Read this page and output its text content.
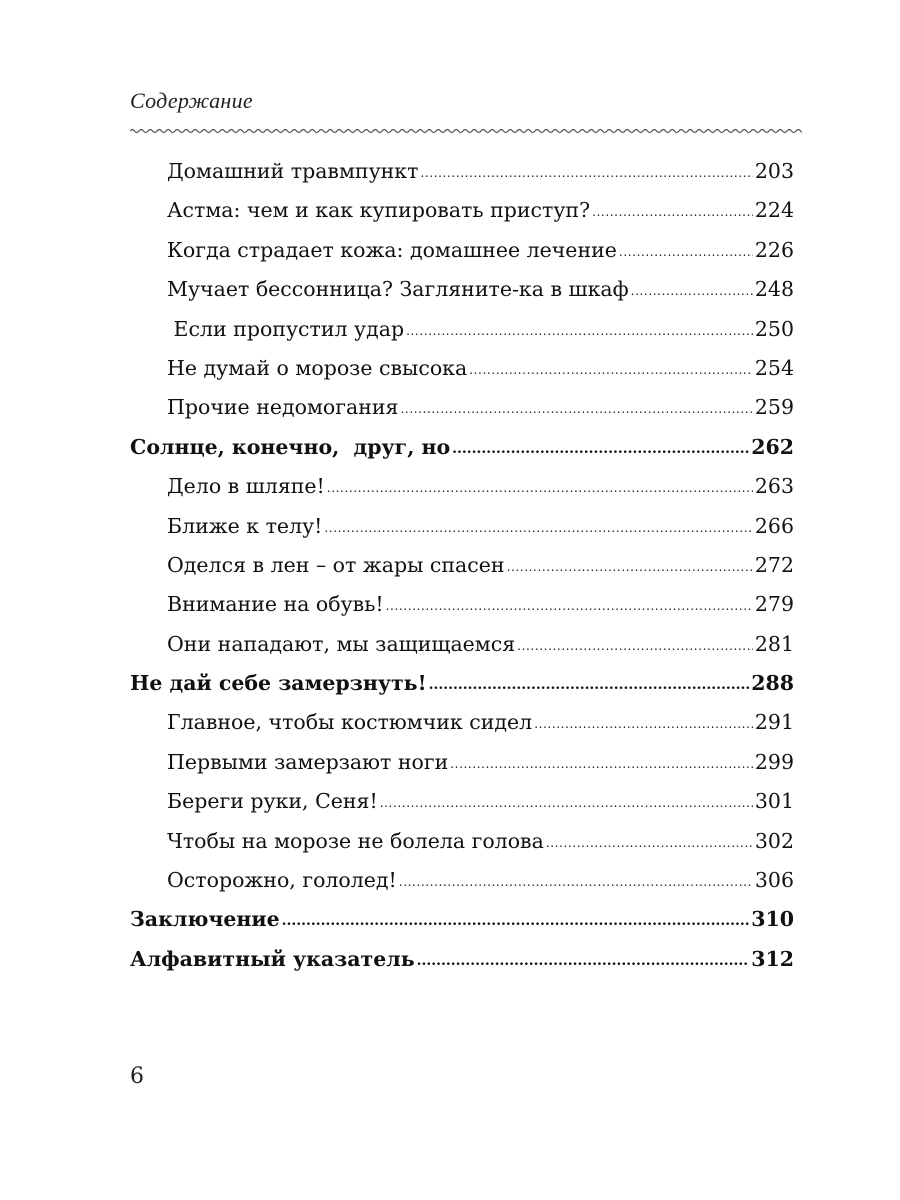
Содержание
Домашний травмпункт .....	203
Астма: чем и как купировать приступ? .....	224
Когда страдает кожа: домашнее лечение .....	226
Мучает бессонница? Загляните-ка в шкаф .....	248
Если пропустил удар .....	250
Не думай о морозе свысока .....	254
Прочие недомогания .....	259
Солнце, конечно,  друг, но .....	262
Дело в шляпе! .....	263
Ближе к телу! .....	266
Оделся в лен – от жары спасен .....	272
Внимание на обувь! .....	279
Они нападают, мы защищаемся .....	281
Не дай себе замерзнуть! .....	288
Главное, чтобы костюмчик сидел .....	291
Первыми замерзают ноги .....	299
Береги руки, Сеня! .....	301
Чтобы на морозе не болела голова .....	302
Осторожно, гололед! .....	306
Заключение .....	310
Алфавитный указатель .....	312
6
